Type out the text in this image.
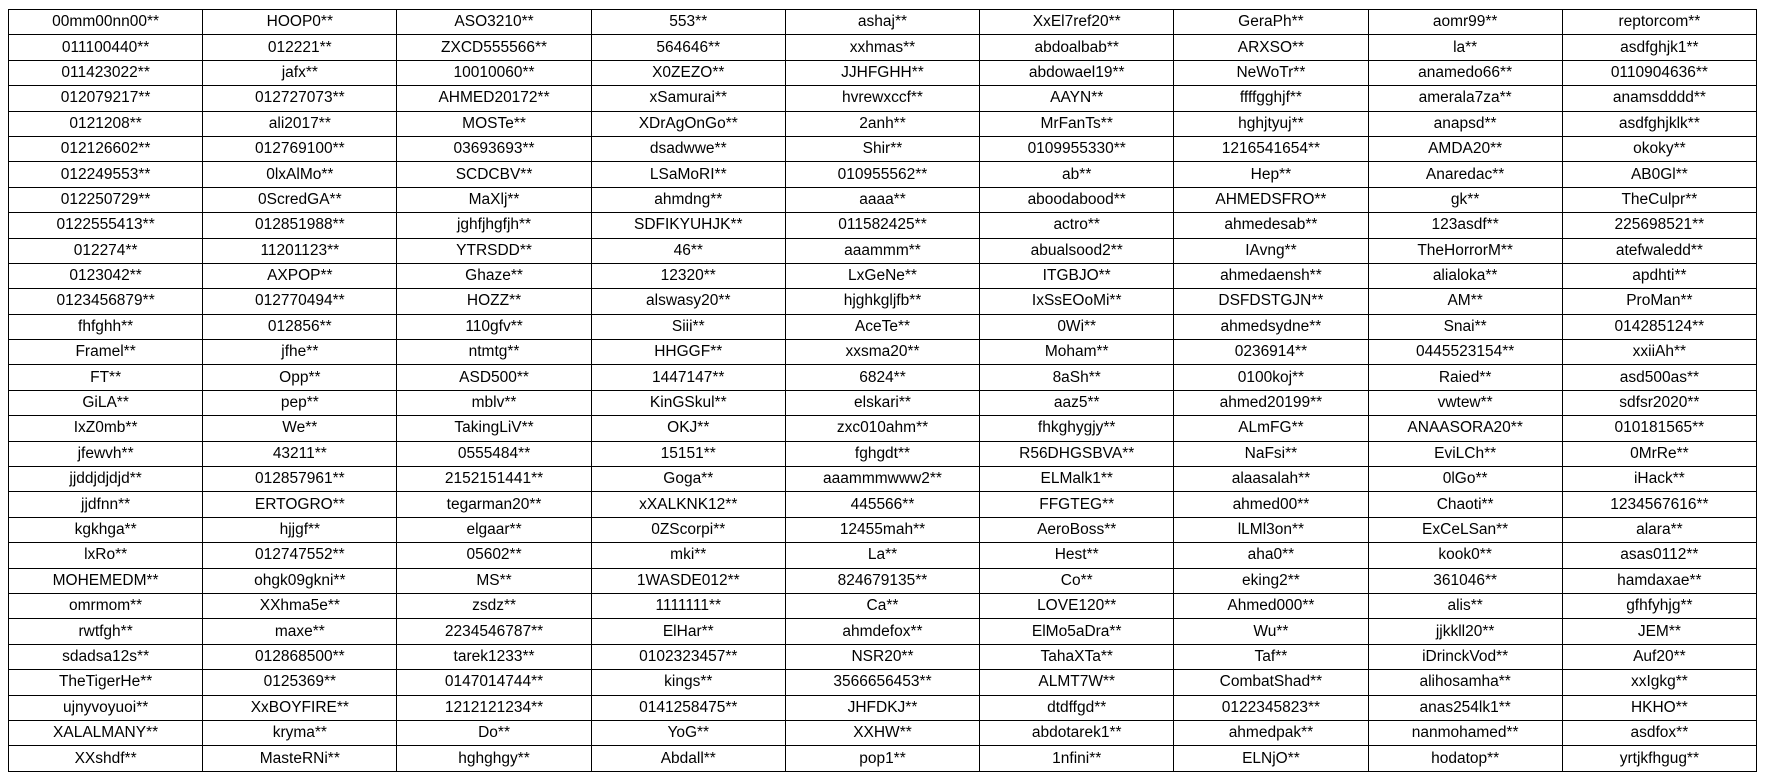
00mm00nn00**	HOOP0**	ASO3210**	553**	ashaj**	XxEl7ref20**	GeraPh**	aomr99**	reptorcom**
011100440**	012221**	ZXCD555566**	564646**	xxhmas**	abdoalbab**	ARXSO**	la**	asdfghjk1**
011423022**	jafx**	10010060**	X0ZEZO**	JJHFGHH**	abdowael19**	NeWoTr**	anamedo66**	0110904636**
012079217**	012727073**	AHMED20172**	xSamurai**	hvrewxccf**	AAYN**	ffffgghjf**	amerala7za**	anamsdddd**
0121208**	ali2017**	MOSTe**	XDrAgOnGo**	2anh**	MrFanTs**	hghjtyuj**	anapsd**	asdfghjklk**
012126602**	012769100**	03693693**	dsadwwe**	Shir**	0109955330**	1216541654**	AMDA20**	okoky**
012249553**	0lxAlMo**	SCDCBV**	LSaMoRI**	010955562**	ab**	Hep**	Anaredac**	AB0Gl**
012250729**	0ScredGA**	MaXlj**	ahmdng**	aaaa**	aboodabood**	AHMEDSFRO**	gk**	TheCulpr**
0122555413**	012851988**	jghfjhgfjh**	SDFIKYUHJK**	011582425**	actro**	ahmedesab**	123asdf**	225698521**
012274**	11201123**	YTRSDD**	46**	aaammm**	abualsood2**	IAvng**	TheHorrorM**	atefwaledd**
0123042**	AXPOP**	Ghaze**	12320**	LxGeNe**	ITGBJO**	ahmedaensh**	alialoka**	apdhti**
0123456879**	012770494**	HOZZ**	alswasy20**	hjghkgljfb**	IxSsEOoMi**	DSFDSTGJN**	AM**	ProMan**
fhfghh**	012856**	110gfv**	Siii**	AceTe**	0Wi**	ahmedsydne**	Snai**	014285124**
Framel**	jfhe**	ntmtg**	HHGGF**	xxsma20**	Moham**	0236914**	0445523154**	xxiiAh**
FT**	Opp**	ASD500**	1447147**	6824**	8aSh**	0100koj**	Raied**	asd500as**
GiLA**	pep**	mblv**	KinGSkul**	elskari**	aaz5**	ahmed20199**	vwtew**	sdfsr2020**
IxZ0mb**	We**	TakingLiV**	OKJ**	zxc010ahm**	fhkghygjy**	ALmFG**	ANAASORA20**	010181565**
jfewvh**	43211**	0555484**	15151**	fghgdt**	R56DHGSBVA**	NaFsi**	EviLCh**	0MrRe**
jjddjdjdjd**	012857961**	2152151441**	Goga**	aaammmwww2**	ELMalk1**	alaasalah**	0lGo**	iHack**
jjdfnn**	ERTOGRO**	tegarman20**	xXALKNK12**	445566**	FFGTEG**	ahmed00**	Chaoti**	1234567616**
kgkhga**	hjjgf**	elgaar**	0ZScorpi**	12455mah**	AeroBoss**	lLMl3on**	ExCeLSan**	alara**
lxRo**	012747552**	05602**	mki**	La**	Hest**	aha0**	kook0**	asas0112**
MOHEMEDM**	ohgk09gkni**	MS**	1WASDE012**	824679135**	Co**	eking2**	361046**	hamdaxae**
omrmom**	XXhma5e**	zsdz**	1111111**	Ca**	LOVE120**	Ahmed000**	alis**	gfhfyhjg**
rwtfgh**	maxe**	2234546787**	ElHar**	ahmdefox**	ElMo5aDra**	Wu**	jjkkll20**	JEM**
sdadsa12s**	012868500**	tarek1233**	0102323457**	NSR20**	TahaXTa**	Taf**	iDrinckVod**	Auf20**
TheTigerHe**	0125369**	0147014744**	kings**	3566656453**	ALMT7W**	CombatShad**	alihosamha**	xxIgkg**
ujnyvoyuoi**	XxBOYFIRE**	1212121234**	0141258475**	JHFDKJ**	dtdffgd**	0122345823**	anas254lk1**	HKHO**
XALALMANY**	kryma**	Do**	YoG**	XXHW**	abdotarek1**	ahmedpak**	nanmohamed**	asdfox**
XXshdf**	MasteRNi**	hghghgy**	Abdall**	pop1**	1nfini**	ELNjO**	hodatop**	yrtjkfhgug**
